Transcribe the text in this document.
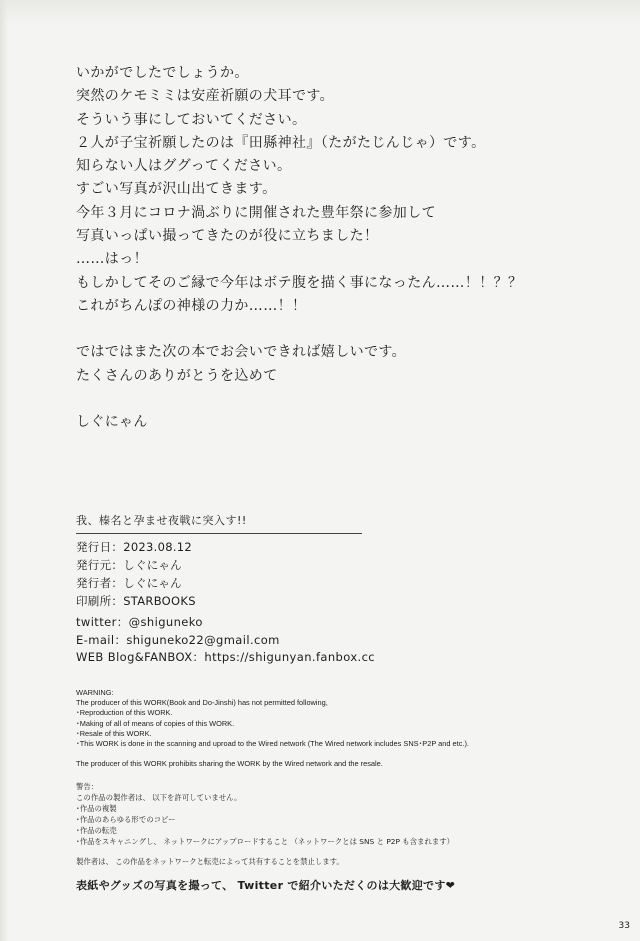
いかがでしたでしょうか。

突然のケモミミは安産祈願の犬耳です。

そういう事にしておいてください。

２人が子宝祈願したのは『田縣神社』（たがたじんじゃ）です。

知らない人はググってください。

すごい写真が沢山出てきます。

今年３月にコロナ渦ぶりに開催された豊年祭に参加して

写真いっぱい撮ってきたのが役に立ちました！

……はっ！

もしかしてそのご縁で今年はボテ腹を描く事になったん……！！？？

これがちんぽの神様の力か……！！

ではではまた次の本でお会いできれば嬉しいです。

たくさんのありがとうを込めて

しぐにゃん

我、榛名と孕ませ夜戦に突入す!!
発行日：2023.08.12
発行元：しぐにゃん
発行者：しぐにゃん
印刷所：STARBOOKS
twitter：@shiguneko
E-mail：shiguneko22@gmail.com
WEB Blog&FANBOX：https://shigunyan.fanbox.cc
WARNING:
The producer of this WORK(Book and Do-Jinshi) has not permitted following,
･Reproduction of this WORK.
･Making of all of means of copies of this WORK.
･Resale of this WORK.
･This WORK is done in the scanning and uproad to the Wired network (The Wired network includes SNS･P2P and etc.).
The producer of this WORK prohibits sharing the WORK by the Wired network and the resale.
警告：
この作品の製作者は、 以下を許可していません。
･作品の複製
･作品のあらゆる形でのコピー
･作品の転売
･作品をスキャニングし、 ネットワークにアップロードすること （ネットワークとは SNS と P2P も含まれます）
製作者は、 この作品をネットワークと転売によって共有することを禁止します。
表紙やグッズの写真を撮って、 Twitter で紹介いただくのは大歓迎です❤
33
